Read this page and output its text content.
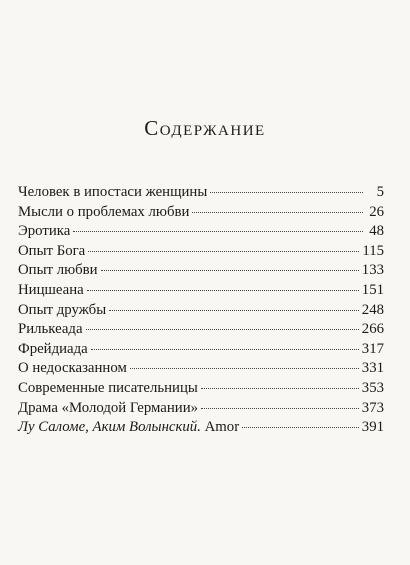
Содержание
Человек в ипостаси женщины	5
Мысли о проблемах любви	26
Эротика	48
Опыт Бога	115
Опыт любви	133
Ницшеана	151
Опыт дружбы	248
Рилькеада	266
Фрейдиада	317
О недосказанном	331
Современные писательницы	353
Драма «Молодой Германии»	373
Лу Саломе, Аким Волынский. Amor	391
